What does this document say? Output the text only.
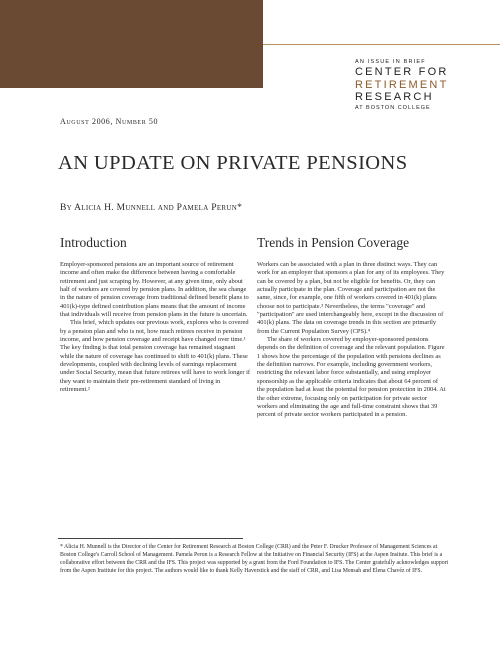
AN ISSUE IN BRIEF
CENTER FOR
RETIREMENT
RESEARCH
AT BOSTON COLLEGE
August 2006, Number 50
AN UPDATE ON PRIVATE PENSIONS
By Alicia H. Munnell and Pamela Perun*
Introduction

Employer-sponsored pensions are an important source of retirement income and often make the difference between having a comfortable retirement and just scraping by. However, at any given time, only about half of workers are covered by pension plans. In addition, the sea change in the nature of pension coverage from traditional defined benefit plans to 401(k)-type defined contribution plans means that the amount of income that individuals will receive from pension plans in the future is uncertain.

This brief, which updates our previous work, explores who is covered by a pension plan and who is not, how much retirees receive in pension income, and how pension coverage and receipt have changed over time.¹ The key finding is that total pension coverage has remained stagnant while the nature of coverage has continued to shift to 401(k) plans. These developments, coupled with declining levels of earnings replacement under Social Security, mean that future retirees will have to work longer if they want to maintain their pre-retirement standard of living in retirement.²

Trends in Pension Coverage

Workers can be associated with a plan in three distinct ways. They can work for an employer that sponsors a plan for any of its employees. They can be covered by a plan, but not be eligible for benefits. Or, they can actually participate in the plan. Coverage and participation are not the same, since, for example, one fifth of workers covered in 401(k) plans choose not to participate.³ Nevertheless, the terms "coverage" and "participation" are used interchangeably here, except in the discussion of 401(k) plans. The data on coverage trends in this section are primarily from the Current Population Survey (CPS).⁴

The share of workers covered by employer-sponsored pensions depends on the definition of coverage and the relevant population. Figure 1 shows how the percentage of the population with pensions declines as the definition narrows. For example, including government workers, restricting the relevant labor force substantially, and using employer sponsorship as the applicable criteria indicates that about 64 percent of the population had at least the potential for pension protection in 2004. At the other extreme, focusing only on participation for private sector workers and eliminating the age and full-time constraint shows that 39 percent of private sector workers participated in a pension.

* Alicia H. Munnell is the Director of the Center for Retirement Research at Boston College (CRR) and the Peter F. Drucker Professor of Management Sciences at Boston College's Carroll School of Management. Pamela Perun is a Research Fellow at the Initiative on Financial Security (IFS) at the Aspen Insitute. This brief is a collaborative effort between the CRR and the IFS. This project was supported by a grant from the Ford Foundation to IFS. The Center gratefully acknowledges support from the Aspen Institute for this project. The authors would like to thank Kelly Haverstick and the staff of CRR, and Lisa Mensah and Elena Chavéz of IFS.
